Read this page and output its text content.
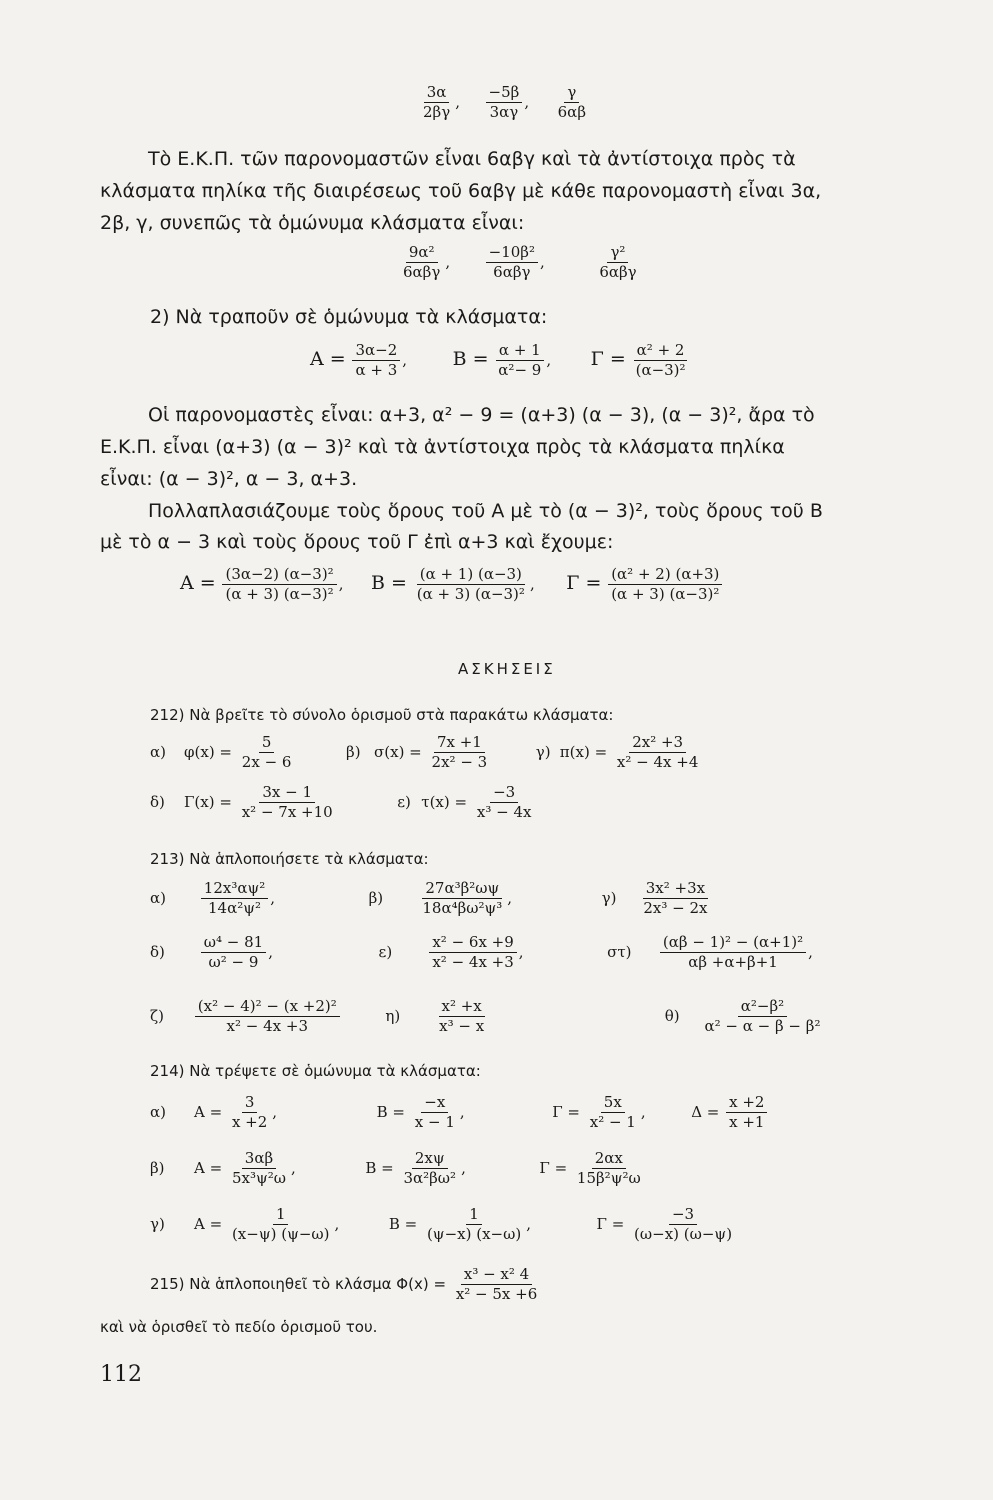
$\frac{3\alpha}{2\beta\gamma}$ , $\frac{-5\beta}{3\alpha\gamma}$ , $\frac{\gamma}{6\alpha\beta}$
Τὸ Ε.Κ.Π. τῶν παρονομαστῶν εἶναι 6αβγ καὶ τὰ ἀντίστοιχα πρὸς τὰ
κλάσματα πηλίκα τῆς διαιρέσεως τοῦ 6αβγ μὲ κάθε παρονομαστὴ εἶναι 3α,
2β, γ, συνεπῶς τὰ ὁμώνυμα κλάσματα εἶναι:
$\frac{\text{9α²}}{\text{6αβγ}}$ , $\frac{\text{−10β²}}{\text{6αβγ}}$ ,	$\frac{\text{γ²}}{\text{6αβγ}}$
2) Νὰ τραποῦν σὲ ὁμώνυμα τὰ κλάσματα:
$A = \frac{3\alpha-2}{\alpha + 3}$ ,  $B = \frac{\alpha + 1}{\text{α²− 9}}$ ,  $\Gamma = \frac{\text{α² + 2}}{\text{(α−3)²}}$
Οἱ παρονομαστὲς εἶναι: α+3, α² − 9 = (α+3) (α − 3), (α − 3)², ἄρα τὸ
Ε.Κ.Π. εἶναι (α+3) (α − 3)² καὶ τὰ ἀντίστοιχα πρὸς τὰ κλάσματα πηλίκα
εἶναι: (α − 3)², α − 3, α+3.
Πολλαπλασιάζουμε τοὺς ὅρους τοῦ Α μὲ τὸ (α − 3)², τοὺς ὅρους τοῦ Β
μὲ τὸ α − 3 καὶ τοὺς ὅρους τοῦ Γ ἐπὶ α+3 καὶ ἔχουμε:
$A = \frac{\text{(3α−2) (α−3)²}}{\text{(α + 3) (α−3)²}}$ ,  $B = \frac{(\alpha + 1) (\alpha-3)}{\text{(α + 3) (α−3)²}}$ ,  $\Gamma = \frac{\text{(α² + 2) (α+3)}}{\text{(α + 3) (α−3)²}}$
ΑΣΚΗΣΕΙΣ
212) Νὰ βρεῖτε τὸ σύνολο ὁρισμοῦ στὰ παρακάτω κλάσματα:
α) $\varphi(x) = \frac{5}{2x - 6}$	β) $\sigma(x) = \frac{7x +1}{\text{2x² − 3}}$	γ) $\pi(x) = \frac{\text{2x² +3}}{\text{x² − 4x +4}}$
δ) $\Gamma(x) = \frac{3x - 1}{\text{x² − 7x +10}}$	ε) $\tau(x) = \frac{-3}{\text{x³ − 4x}}$
213) Νὰ ἁπλοποιήσετε τὰ κλάσματα:
$\alpha) \frac{\text{12x³αψ²}}{\text{14α²ψ²}}$ ,	$\beta) \frac{\text{27α³β²ωψ}}{\text{18α⁴βω²ψ³}}$ ,	$\gamma) \frac{\text{3x² +3x}}{\text{2x³ − 2x}}$
$\delta) \frac{\text{ω⁴ − 81}}{\text{ω² − 9}}$ ,	$\varepsilon) \frac{\text{x² − 6x +9}}{\text{x² − 4x +3}}$ ,	$\sigma\tau) \frac{\text{(αβ − 1)² − (α+1)²}}{\alpha\beta +\alpha+\beta+1}$ ,
$\zeta) \frac{\text{(x² − 4)² − (x +2)²}}{\text{x² − 4x +3}}$	$\eta) \frac{\text{x² +x}}{\text{x³ − x}}$	$\theta) \frac{\text{α²−β²}}{\text{α² − α − β − β²}}$
214) Νὰ τρέψετε σὲ ὁμώνυμα τὰ κλάσματα:
α) $A = \frac{3}{x +2}$ ,	$B = \frac{-x}{x - 1}$ ,	$\Gamma = \frac{5x}{\text{x² − 1}}$ ,	$\Delta = \frac{x +2}{x +1}$
β) $A = \frac{3\alpha\beta}{\text{5x³ψ²ω}}$ ,	$B = \frac{2x\psi}{\text{3α²βω²}}$ ,	$\Gamma = \frac{2\alpha x}{\text{15β²ψ²ω}}$
γ) $A = \frac{1}{(x-\psi) (\psi-\omega)}$ ,	$B = \frac{1}{(\psi-x) (x-\omega)}$ ,	$\Gamma = \frac{-3}{(\omega-x) (\omega-\psi)}$
215) Νὰ ἁπλοποιηθεῖ τὸ κλάσμα $\Phi(x) = \frac{\text{x³ − x² 4}}{\text{x² − 5x +6}}$
καὶ νὰ ὁρισθεῖ τὸ πεδίο ὁρισμοῦ του.
112
